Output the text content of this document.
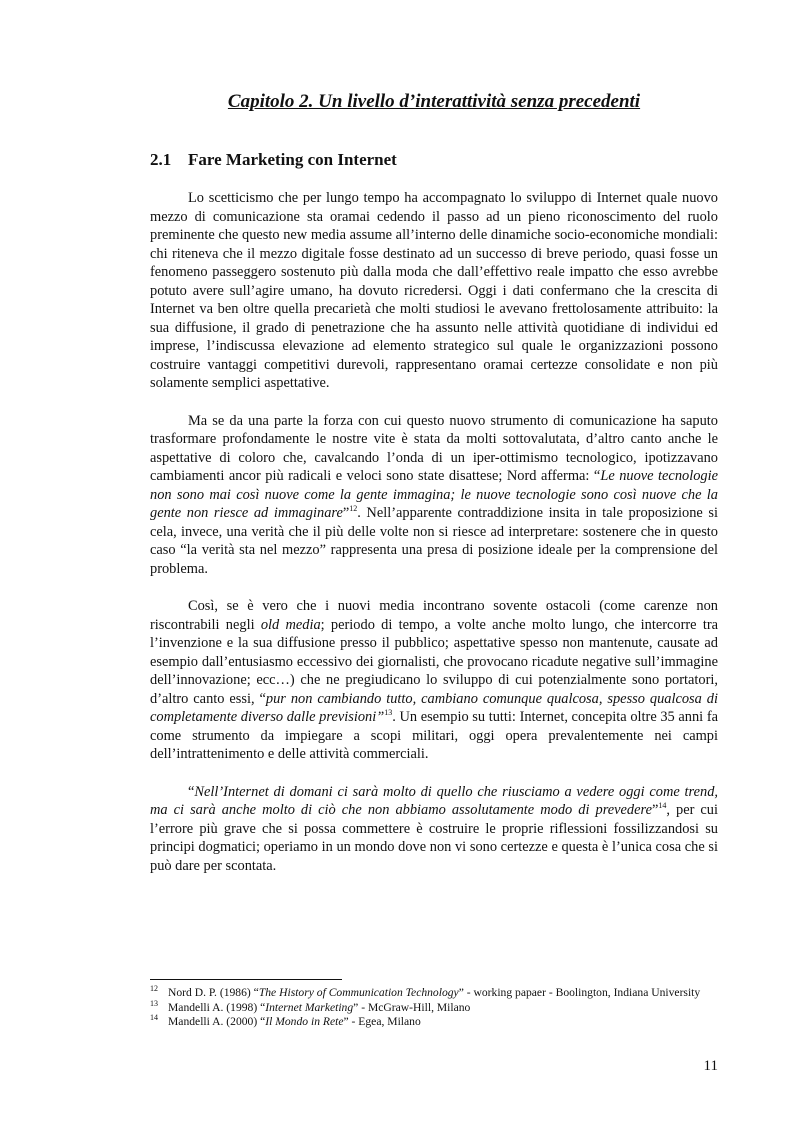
Capitolo 2. Un livello d’interattività senza precedenti
2.1 Fare Marketing con Internet

Lo scetticismo che per lungo tempo ha accompagnato lo sviluppo di Internet quale nuovo mezzo di comunicazione sta oramai cedendo il passo ad un pieno riconoscimento del ruolo preminente che questo new media assume all’interno delle dinamiche socio-economiche mondiali: chi riteneva che il mezzo digitale fosse destinato ad un successo di breve periodo, quasi fosse un fenomeno passeggero sostenuto più dalla moda che dall’effettivo reale impatto che esso avrebbe potuto avere sull’agire umano, ha dovuto ricredersi. Oggi i dati confermano che la crescita di Internet va ben oltre quella precarietà che molti studiosi le avevano frettolosamente attribuito: la sua diffusione, il grado di penetrazione che ha assunto nelle attività quotidiane di individui ed imprese, l’indiscussa elevazione ad elemento strategico sul quale le organizzazioni possono costruire vantaggi competitivi durevoli, rappresentano oramai certezze consolidate e non più solamente semplici aspettative.

Ma se da una parte la forza con cui questo nuovo strumento di comunicazione ha saputo trasformare profondamente le nostre vite è stata da molti sottovalutata, d’altro canto anche le aspettative di coloro che, cavalcando l’onda di un iper-ottimismo tecnologico, ipotizzavano cambiamenti ancor più radicali e veloci sono state disattese; Nord afferma: “Le nuove tecnologie non sono mai così nuove come la gente immagina; le nuove tecnologie sono così nuove che la gente non riesce ad immaginare”$^{12}$. Nell’apparente contraddizione insita in tale proposizione si cela, invece, una verità che il più delle volte non si riesce ad interpretare: sostenere che in questo caso “la verità sta nel mezzo” rappresenta una presa di posizione ideale per la comprensione del problema.

Così, se è vero che i nuovi media incontrano sovente ostacoli (come carenze non riscontrabili negli old media; periodo di tempo, a volte anche molto lungo, che intercorre tra l’invenzione e la sua diffusione presso il pubblico; aspettative spesso non mantenute, causate ad esempio dall’entusiasmo eccessivo dei giornalisti, che provocano ricadute negative sull’immagine dell’innovazione; ecc…) che ne pregiudicano lo sviluppo di cui potenzialmente sono portatori, d’altro canto essi, “pur non cambiando tutto, cambiano comunque qualcosa, spesso qualcosa di completamente diverso dalle previsioni”$^{13}$. Un esempio su tutti: Internet, concepita oltre 35 anni fa come strumento da impiegare a scopi militari, oggi opera prevalentemente nei campi dell’intrattenimento e delle attività commerciali.

“Nell’Internet di domani ci sarà molto di quello che riusciamo a vedere oggi come trend, ma ci sarà anche molto di ciò che non abbiamo assolutamente modo di prevedere”$^{14}$, per cui l’errore più grave che si possa commettere è costruire le proprie riflessioni fossilizzandosi su principi dogmatici; operiamo in un mondo dove non vi sono certezze e questa è l’unica cosa che si può dare per scontata.

$^{12}$ Nord D. P. (1986) “The History of Communication Technology” - working papaer - Boolington, Indiana University

$^{13}$ Mandelli A. (1998) “Internet Marketing” - McGraw-Hill, Milano

$^{14}$ Mandelli A. (2000) “Il Mondo in Rete” - Egea, Milano

11
